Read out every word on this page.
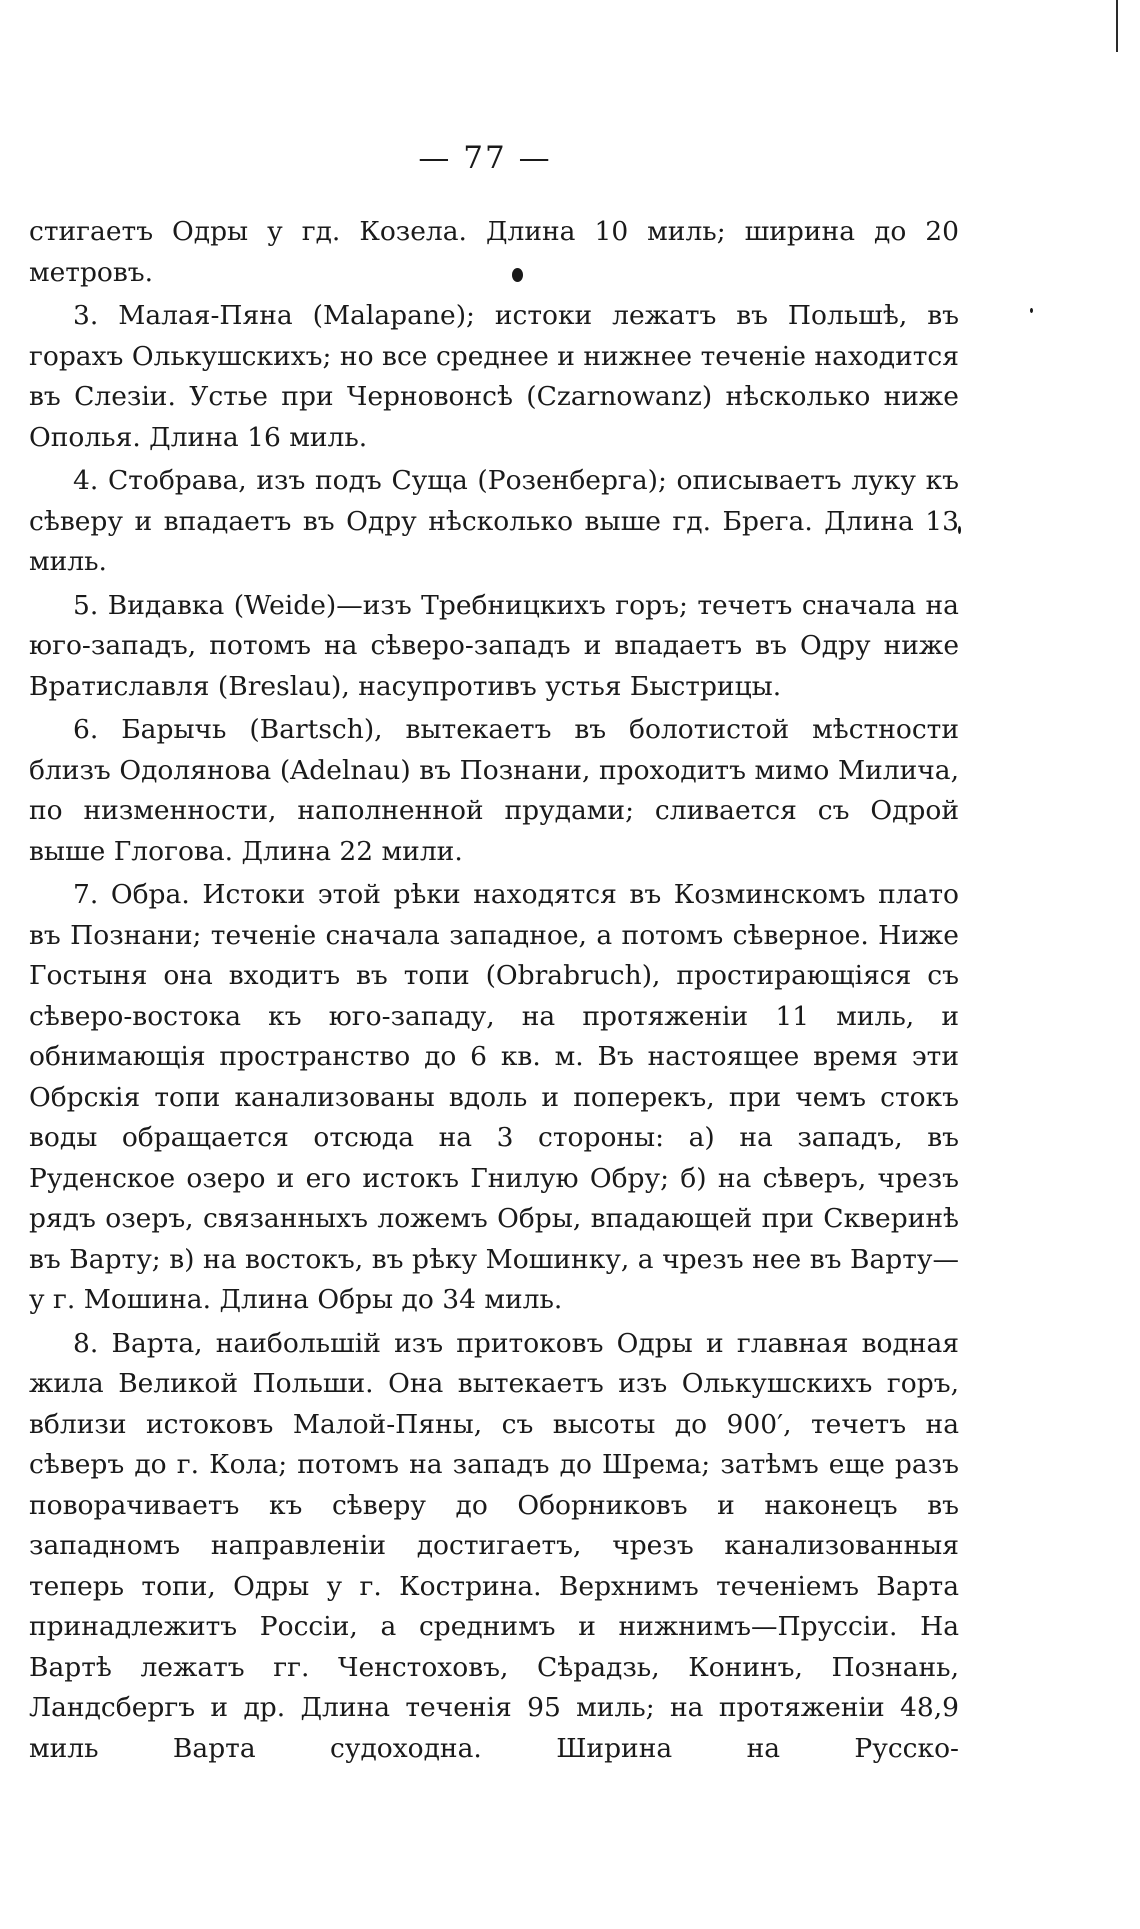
— 77 —

стигаетъ Одры у гд. Козела. Длина 10 миль; ширина до 20 метровъ.

3. Малая-Пяна (Malapane); истоки лежатъ въ Польшѣ, въ горахъ Олькушскихъ; но все среднее и нижнее теченіе находится въ Слезіи. Устье при Черновонсѣ (Czarnowanz) нѣсколько ниже Ополья. Длина 16 миль.

4. Стобрава, изъ подъ Суща (Розенберга); описываетъ луку къ сѣверу и впадаетъ въ Одру нѣсколько выше гд. Брега. Длина 13 миль.

5. Видавка (Weide)—изъ Требницкихъ горъ; течетъ сначала на юго-западъ, потомъ на сѣверо-западъ и впадаетъ въ Одру ниже Вратиславля (Breslau), насупротивъ устья Быстрицы.

6. Барычь (Bartsch), вытекаетъ въ болотистой мѣстности близъ Одолянова (Adelnau) въ Познани, проходитъ мимо Милича, по низменности, наполненной прудами; сливается съ Одрой выше Глогова. Длина 22 мили.

7. Обра. Истоки этой рѣки находятся въ Козминскомъ плато въ Познани; теченіе сначала западное, а потомъ сѣверное. Ниже Гостыня она входитъ въ топи (Obrabruch), простирающіяся съ сѣверо-востока къ юго-западу, на протяженіи 11 миль, и обнимающія пространство до 6 кв. м. Въ настоящее время эти Обрскія топи канализованы вдоль и поперекъ, при чемъ стокъ воды обращается отсюда на 3 стороны: а) на западъ, въ Руденское озеро и его истокъ Гнилую Обру; б) на сѣверъ, чрезъ рядъ озеръ, связанныхъ ложемъ Обры, впадающей при Скверинѣ въ Варту; в) на востокъ, въ рѣку Мошинку, а чрезъ нее въ Варту—у г. Мошина. Длина Обры до 34 миль.

8. Варта, наибольшій изъ притоковъ Одры и главная водная жила Великой Польши. Она вытекаетъ изъ Олькушскихъ горъ, вблизи истоковъ Малой-Пяны, съ высоты до 900′, течетъ на сѣверъ до г. Кола; потомъ на западъ до Шрема; затѣмъ еще разъ поворачиваетъ къ сѣверу до Оборниковъ и наконецъ въ западномъ направленіи достигаетъ, чрезъ канализованныя теперь топи, Одры у г. Кострина. Верхнимъ теченіемъ Варта принадлежитъ Россіи, а среднимъ и нижнимъ—Пруссіи. На Вартѣ лежатъ гг. Ченстоховъ, Сѣрадзь, Конинъ, Познань, Ландсбергъ и др. Длина теченія 95 миль; на протяженіи 48,9 миль Варта судоходна. Ширина на Русско-
